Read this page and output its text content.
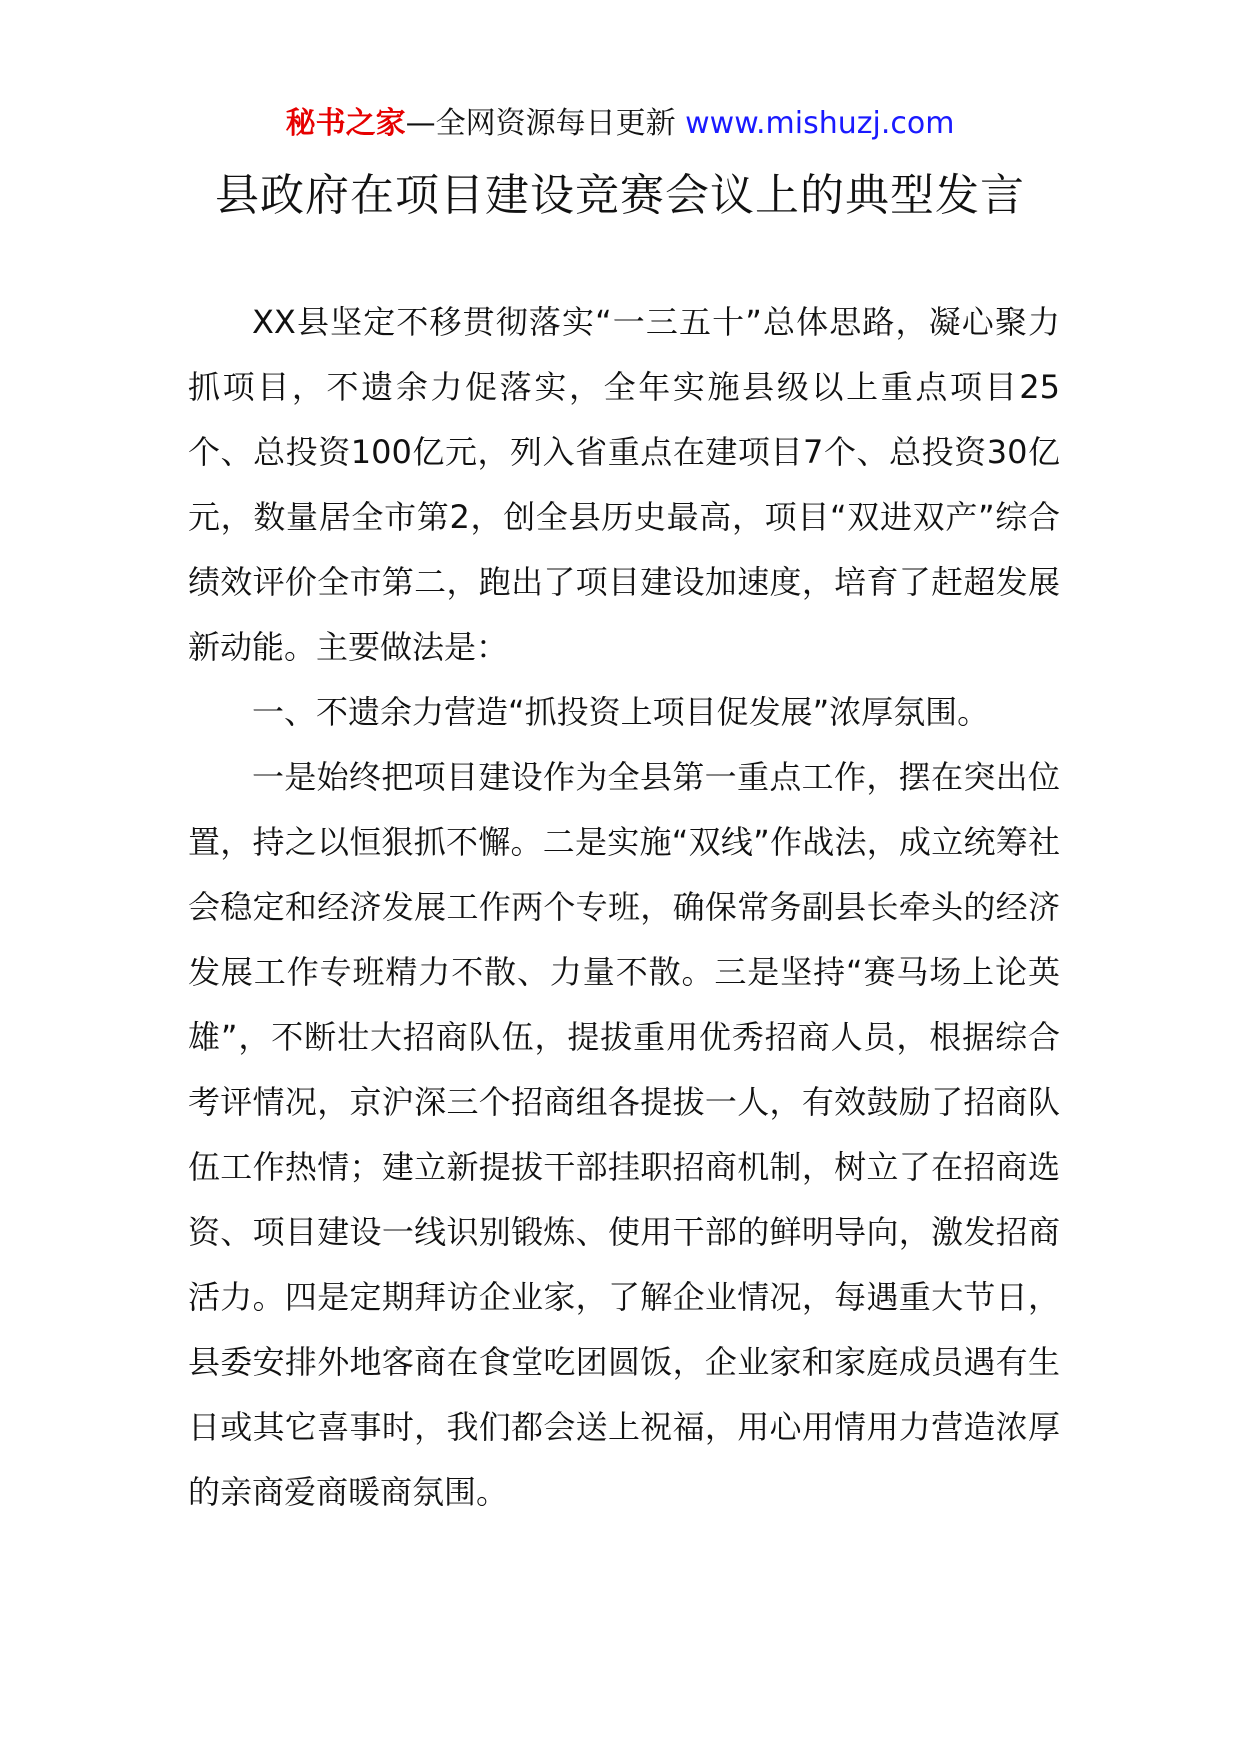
秘书之家—全网资源每日更新 www.mishuzj.com
县政府在项目建设竞赛会议上的典型发言

XX县坚定不移贯彻落实“一三五十”总体思路，凝心聚力抓项目，不遗余力促落实，全年实施县级以上重点项目25个、总投资100亿元，列入省重点在建项目7个、总投资30亿元，数量居全市第2，创全县历史最高，项目“双进双产”综合绩效评价全市第二，跑出了项目建设加速度，培育了赶超发展新动能。主要做法是：

一、不遗余力营造“抓投资上项目促发展”浓厚氛围。

一是始终把项目建设作为全县第一重点工作，摆在突出位置，持之以恒狠抓不懈。二是实施“双线”作战法，成立统筹社会稳定和经济发展工作两个专班，确保常务副县长牵头的经济发展工作专班精力不散、力量不散。三是坚持“赛马场上论英雄”，不断壮大招商队伍，提拔重用优秀招商人员，根据综合考评情况，京沪深三个招商组各提拔一人，有效鼓励了招商队伍工作热情；建立新提拔干部挂职招商机制，树立了在招商选资、项目建设一线识别锻炼、使用干部的鲜明导向，激发招商活力。四是定期拜访企业家，了解企业情况，每遇重大节日，县委安排外地客商在食堂吃团圆饭，企业家和家庭成员遇有生日或其它喜事时，我们都会送上祝福，用心用情用力营造浓厚的亲商爱商暖商氛围。
